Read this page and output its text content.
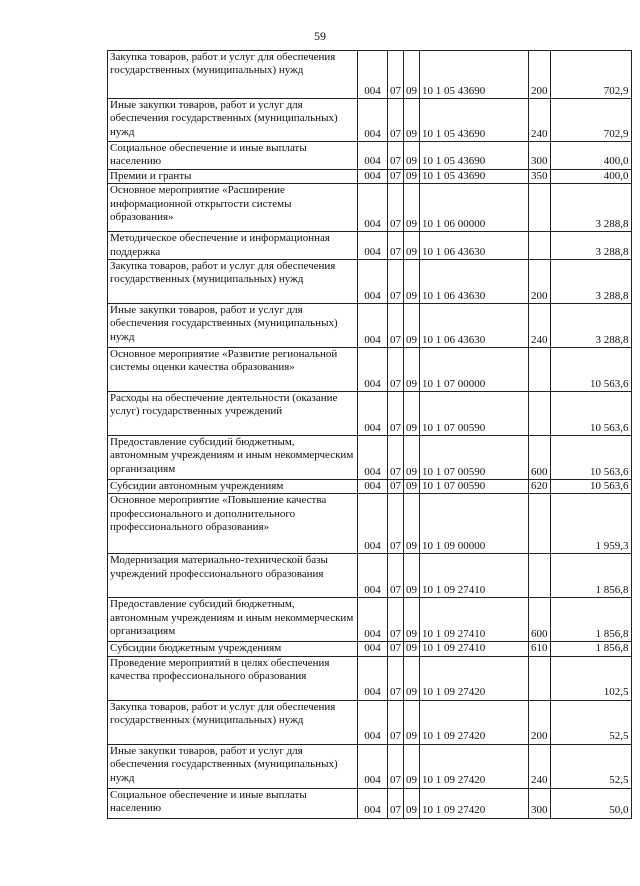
59
Закупка товаров, работ и услуг для обеспечения государственных (муниципальных) нужд	004	07	09	10 1 05 43690	200	702,9
Иные закупки товаров, работ и услуг для обеспечения государственных (муниципальных) нужд	004	07	09	10 1 05 43690	240	702,9
Социальное обеспечение и иные выплаты населению	004	07	09	10 1 05 43690	300	400,0
Премии и гранты	004	07	09	10 1 05 43690	350	400,0
Основное мероприятие «Расширение информационной открытости системы образования»	004	07	09	10 1 06 00000		3 288,8
Методическое обеспечение и информационная поддержка	004	07	09	10 1 06 43630		3 288,8
Закупка товаров, работ и услуг для обеспечения государственных (муниципальных) нужд	004	07	09	10 1 06 43630	200	3 288,8
Иные закупки товаров, работ и услуг для обеспечения государственных (муниципальных) нужд	004	07	09	10 1 06 43630	240	3 288,8
Основное мероприятие «Развитие региональной системы оценки качества образования»	004	07	09	10 1 07 00000		10 563,6
Расходы на обеспечение деятельности (оказание услуг) государственных учреждений	004	07	09	10 1 07 00590		10 563,6
Предоставление субсидий бюджетным, автономным учреждениям и иным некоммерческим организациям	004	07	09	10 1 07 00590	600	10 563,6
Субсидии автономным учреждениям	004	07	09	10 1 07 00590	620	10 563,6
Основное мероприятие «Повышение качества профессионального и дополнительного профессионального образования»	004	07	09	10 1 09 00000		1 959,3
Модернизация материально-технической базы учреждений профессионального образования	004	07	09	10 1 09 27410		1 856,8
Предоставление субсидий бюджетным, автономным учреждениям и иным некоммерческим организациям	004	07	09	10 1 09 27410	600	1 856,8
Субсидии бюджетным учреждениям	004	07	09	10 1 09 27410	610	1 856,8
Проведение мероприятий в целях обеспечения качества профессионального образования	004	07	09	10 1 09 27420		102,5
Закупка товаров, работ и услуг для обеспечения государственных (муниципальных) нужд	004	07	09	10 1 09 27420	200	52,5
Иные закупки товаров, работ и услуг для обеспечения государственных (муниципальных) нужд	004	07	09	10 1 09 27420	240	52,5
Социальное обеспечение и иные выплаты населению	004	07	09	10 1 09 27420	300	50,0
